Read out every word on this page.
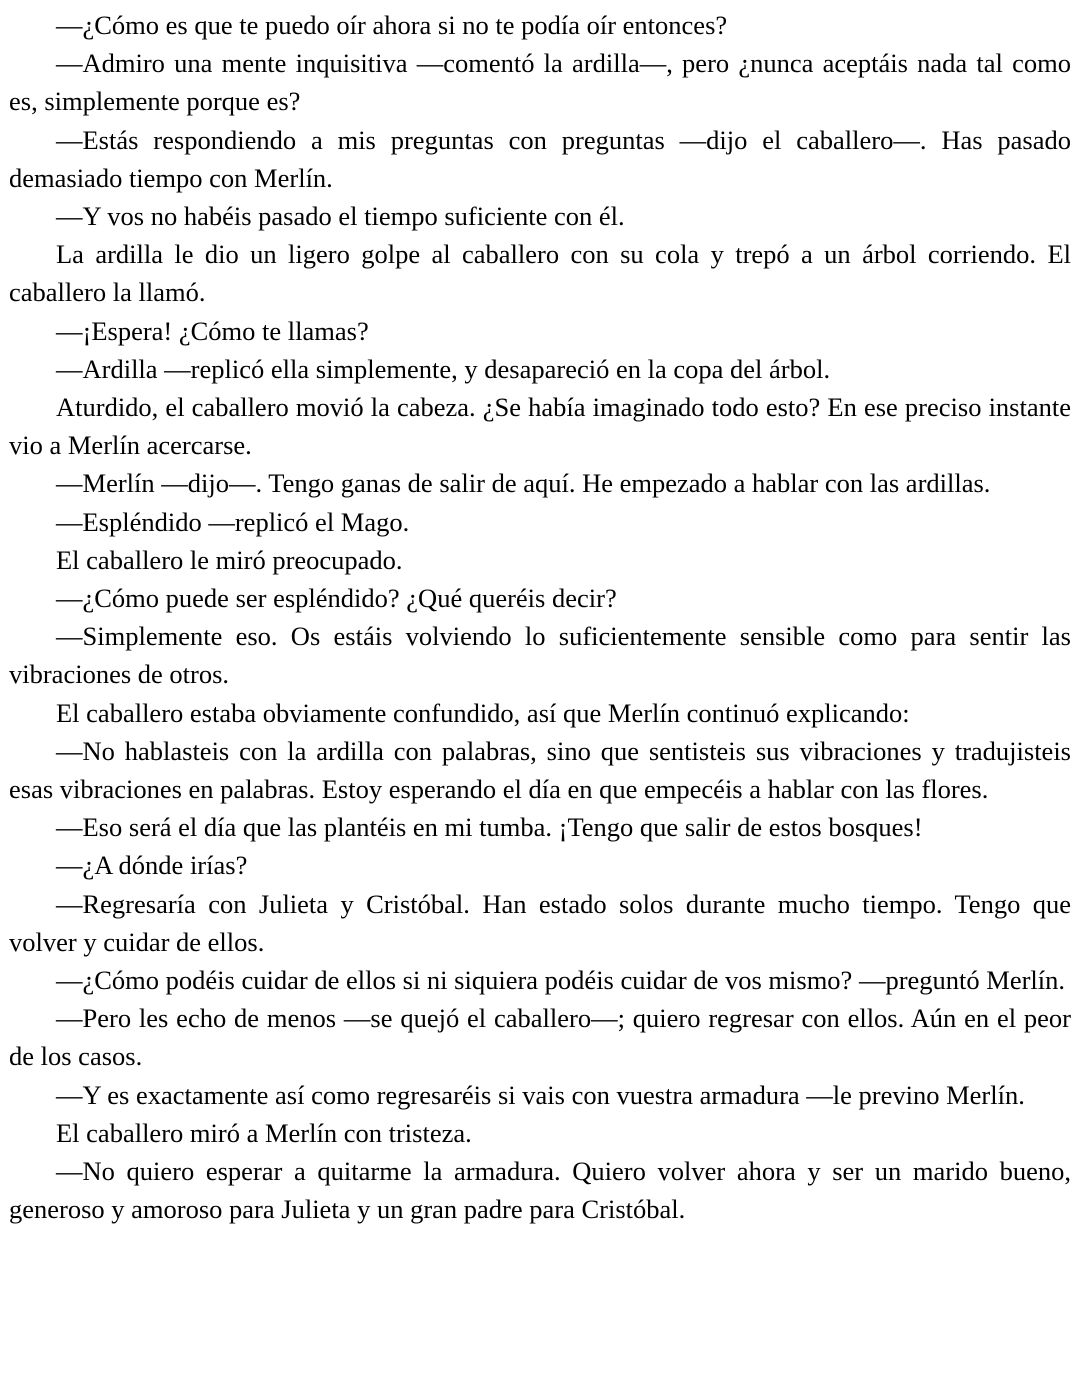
—¿Cómo es que te puedo oír ahora si no te podía oír entonces?

—Admiro una mente inquisitiva —comentó la ardilla—, pero ¿nunca aceptáis nada tal como es, simplemente porque es?

—Estás respondiendo a mis preguntas con preguntas —dijo el caballero—. Has pasado demasiado tiempo con Merlín.

—Y vos no habéis pasado el tiempo suficiente con él.

La ardilla le dio un ligero golpe al caballero con su cola y trepó a un árbol corriendo. El caballero la llamó.

—¡Espera! ¿Cómo te llamas?

—Ardilla —replicó ella simplemente, y desapareció en la copa del árbol.

Aturdido, el caballero movió la cabeza. ¿Se había imaginado todo esto? En ese preciso instante vio a Merlín acercarse.

—Merlín —dijo—. Tengo ganas de salir de aquí. He empezado a hablar con las ardillas.

—Espléndido —replicó el Mago.

El caballero le miró preocupado.

—¿Cómo puede ser espléndido? ¿Qué queréis decir?

—Simplemente eso. Os estáis volviendo lo suficientemente sensible como para sentir las vibraciones de otros.

El caballero estaba obviamente confundido, así que Merlín continuó explicando:

—No hablasteis con la ardilla con palabras, sino que sentisteis sus vibraciones y tradujisteis esas vibraciones en palabras. Estoy esperando el día en que empecéis a hablar con las flores.

—Eso será el día que las plantéis en mi tumba. ¡Tengo que salir de estos bosques!

—¿A dónde irías?

—Regresaría con Julieta y Cristóbal. Han estado solos durante mucho tiempo. Tengo que volver y cuidar de ellos.

—¿Cómo podéis cuidar de ellos si ni siquiera podéis cuidar de vos mismo? —preguntó Merlín.

—Pero les echo de menos —se quejó el caballero—; quiero regresar con ellos. Aún en el peor de los casos.

—Y es exactamente así como regresaréis si vais con vuestra armadura —le previno Merlín.

El caballero miró a Merlín con tristeza.

—No quiero esperar a quitarme la armadura. Quiero volver ahora y ser un marido bueno, generoso y amoroso para Julieta y un gran padre para Cristóbal.
